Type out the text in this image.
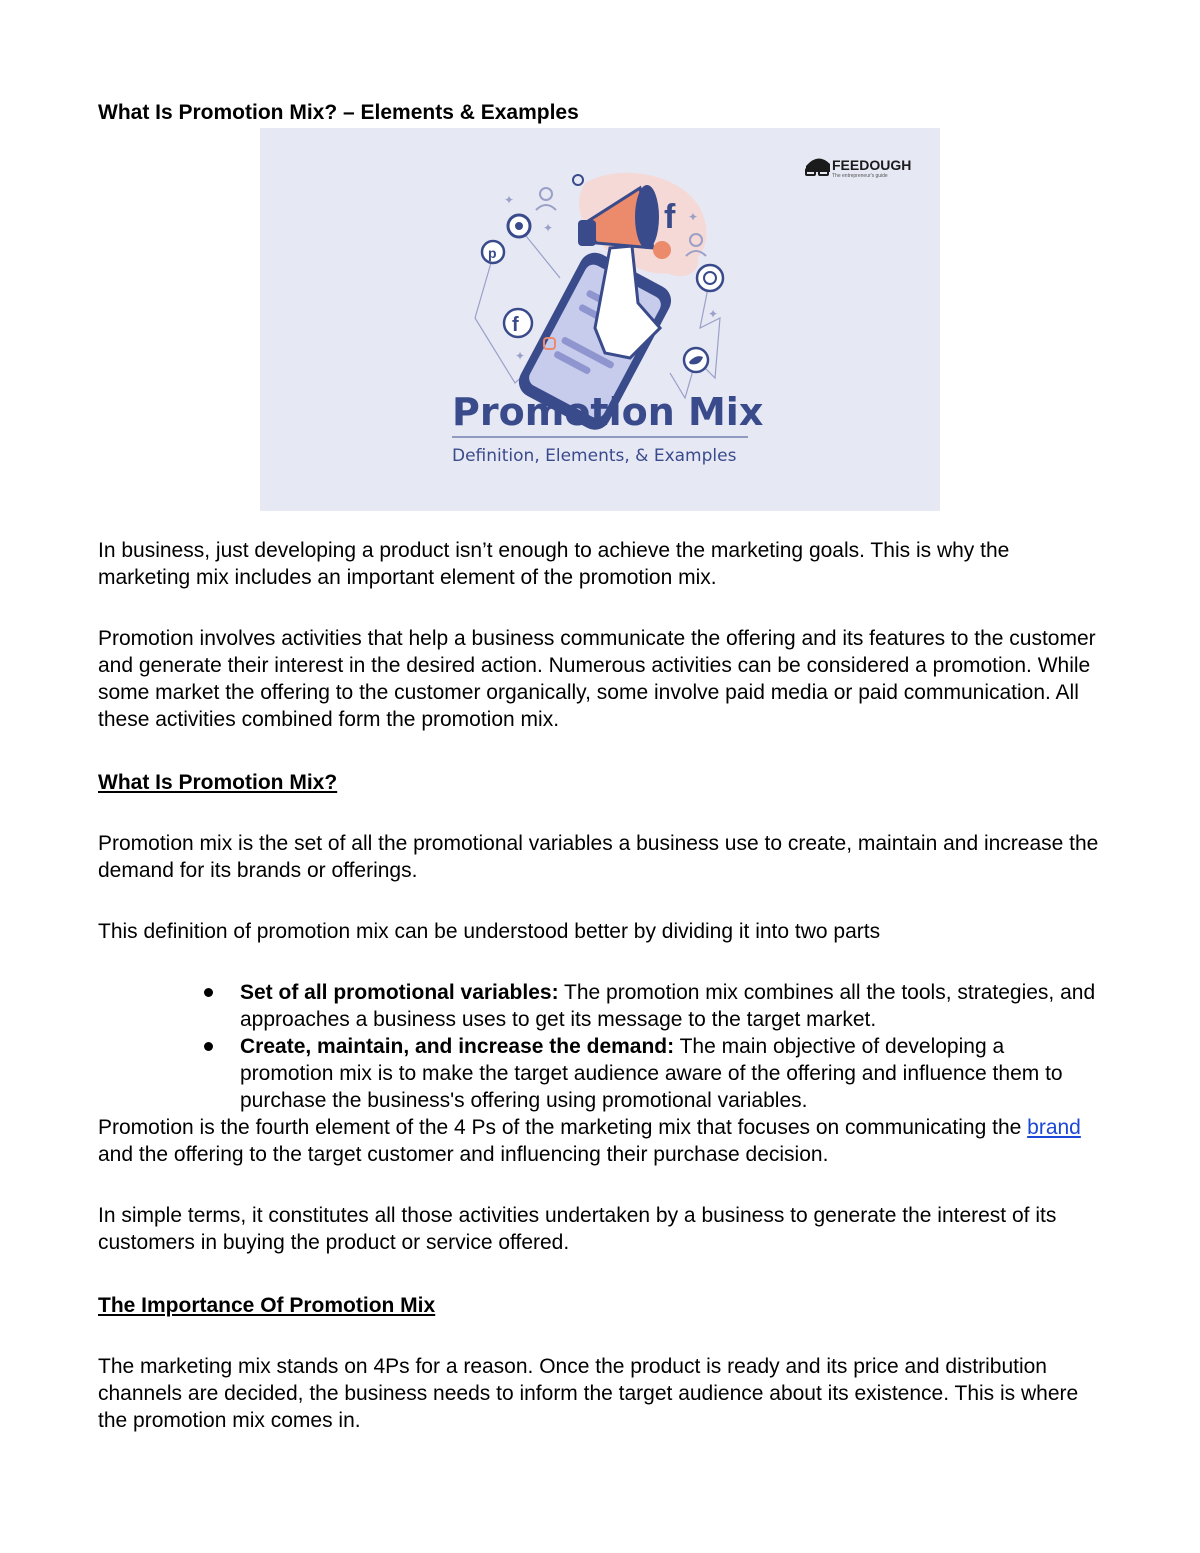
What Is Promotion Mix? – Elements & Examples
f
f
p
✦
✦
✦
✦
✦
FEEDOUGH
The entrepreneur's guide
Promotion Mix
Definition, Elements, & Examples

In business, just developing a product isn’t enough to achieve the marketing goals. This is why the marketing mix includes an important element of the promotion mix.

Promotion involves activities that help a business communicate the offering and its features to the customer and generate their interest in the desired action. Numerous activities can be considered a promotion. While some market the offering to the customer organically, some involve paid media or paid communication. All these activities combined form the promotion mix.

What Is Promotion Mix?

Promotion mix is the set of all the promotional variables a business use to create, maintain and increase the demand for its brands or offerings.

This definition of promotion mix can be understood better by dividing it into two parts

Set of all promotional variables: The promotion mix combines all the tools, strategies, and approaches a business uses to get its message to the target market.
Create, maintain, and increase the demand: The main objective of developing a promotion mix is to make the target audience aware of the offering and influence them to purchase the business's offering using promotional variables.

Promotion is the fourth element of the 4 Ps of the marketing mix that focuses on communicating the brand and the offering to the target customer and influencing their purchase decision.

In simple terms, it constitutes all those activities undertaken by a business to generate the interest of its customers in buying the product or service offered.

The Importance Of Promotion Mix

The marketing mix stands on 4Ps for a reason. Once the product is ready and its price and distribution channels are decided, the business needs to inform the target audience about its existence. This is where the promotion mix comes in.
